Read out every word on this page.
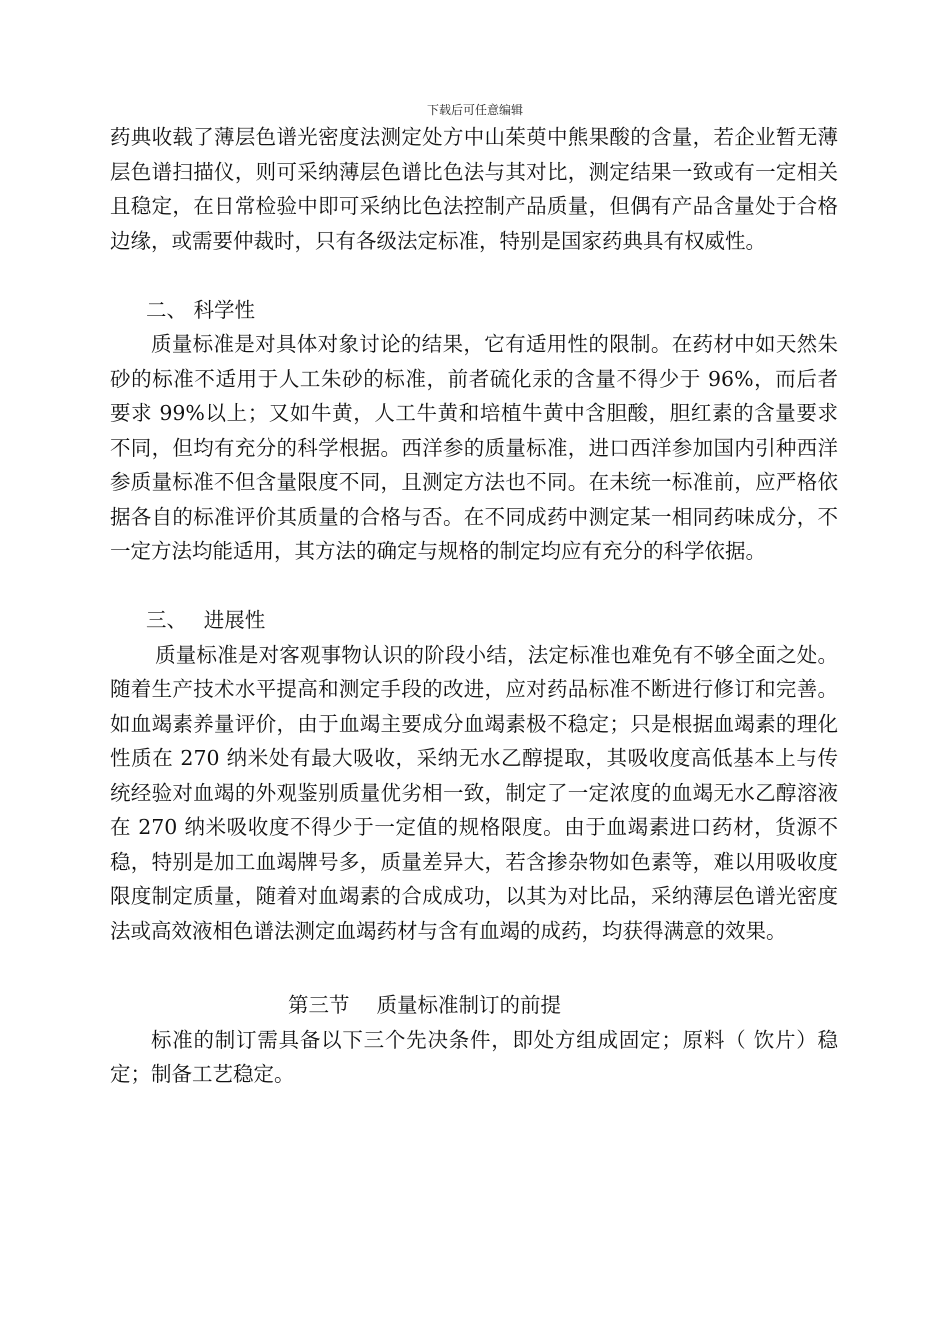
下载后可任意编辑

药典收载了薄层色谱光密度法测定处方中山茱萸中熊果酸的含量，若企业暂无薄层色谱扫描仪，则可采纳薄层色谱比色法与其对比，测定结果一致或有一定相关且稳定，在日常检验中即可采纳比色法控制产品质量，但偶有产品含量处于合格边缘，或需要仲裁时，只有各级法定标准，特别是国家药典具有权威性。

二、 科学性

质量标准是对具体对象讨论的结果，它有适用性的限制。在药材中如天然朱砂的标准不适用于人工朱砂的标准，前者硫化汞的含量不得少于 96%，而后者要求 99%以上；又如牛黄，人工牛黄和培植牛黄中含胆酸，胆红素的含量要求不同，但均有充分的科学根据。西洋参的质量标准，进口西洋参加国内引种西洋参质量标准不但含量限度不同，且测定方法也不同。在未统一标准前，应严格依据各自的标准评价其质量的合格与否。在不同成药中测定某一相同药味成分，不一定方法均能适用，其方法的确定与规格的制定均应有充分的科学依据。

三、　 进展性

质量标准是对客观事物认识的阶段小结，法定标准也难免有不够全面之处。随着生产技术水平提高和测定手段的改进，应对药品标准不断进行修订和完善。如血竭素养量评价，由于血竭主要成分血竭素极不稳定；只是根据血竭素的理化性质在 270 纳米处有最大吸收，采纳无水乙醇提取，其吸收度高低基本上与传统经验对血竭的外观鉴别质量优劣相一致，制定了一定浓度的血竭无水乙醇溶液在 270 纳米吸收度不得少于一定值的规格限度。由于血竭素进口药材，货源不稳，特别是加工血竭牌号多，质量差异大，若含掺杂物如色素等，难以用吸收度限度制定质量，随着对血竭素的合成成功，以其为对比品，采纳薄层色谱光密度法或高效液相色谱法测定血竭药材与含有血竭的成药，均获得满意的效果。

第三节　 质量标准制订的前提

标准的制订需具备以下三个先决条件，即处方组成固定；原料（ 饮片）稳定；制备工艺稳定。
